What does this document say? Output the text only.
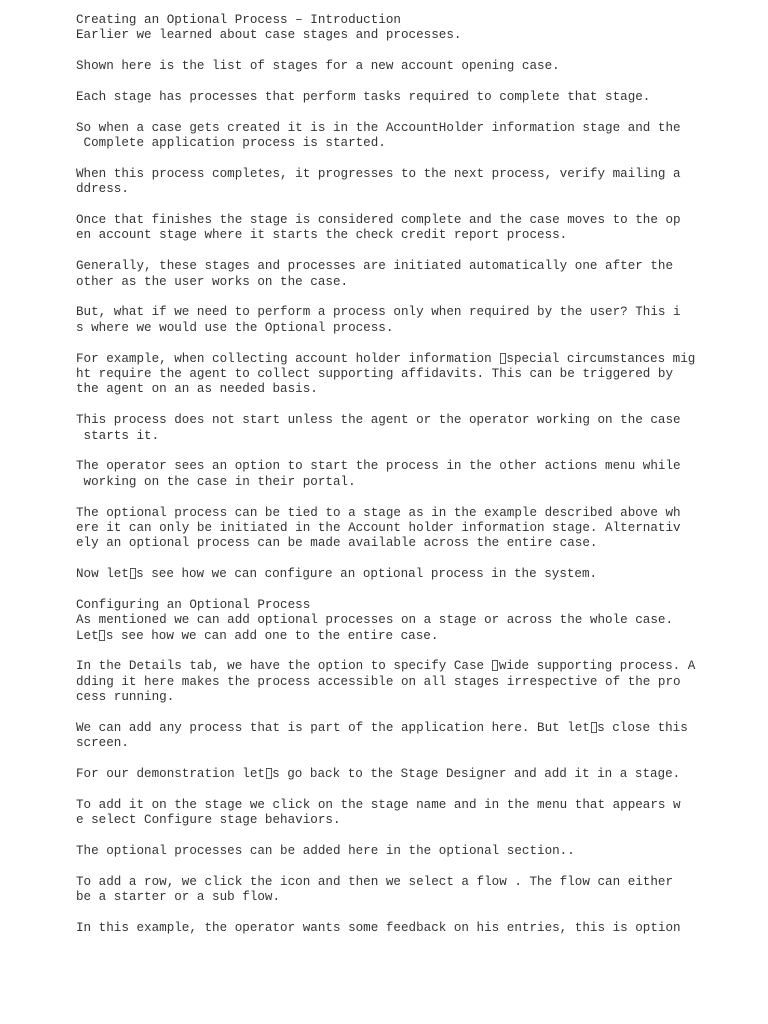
Creating an Optional Process – Introduction
Earlier we learned about case stages and processes.
Shown here is the list of stages for a new account opening case.
Each stage has processes that perform tasks required to complete that stage.
So when a case gets created it is in the AccountHolder information stage and the
Complete application process is started.
When this process completes, it progresses to the next process, verify mailing a
ddress.
Once that finishes the stage is considered complete and the case moves to the op
en account stage where it starts the check credit report process.
Generally, these stages and processes are initiated automatically one after the
other as the user works on the case.
But, what if we need to perform a process only when required by the user? This i
s where we would use the Optional process.
For example, when collecting account holder information special circumstances mig
ht require the agent to collect supporting affidavits. This can be triggered by
the agent on an as needed basis.
This process does not start unless the agent or the operator working on the case
starts it.
The operator sees an option to start the process in the other actions menu while
working on the case in their portal.
The optional process can be tied to a stage as in the example described above wh
ere it can only be initiated in the Account holder information stage. Alternativ
ely an optional process can be made available across the entire case.
Now let s see how we can configure an optional process in the system.
Configuring an Optional Process
As mentioned we can add optional processes on a stage or across the whole case.
Let s see how we can add one to the entire case.
In the Details tab, we have the option to specify Case wide supporting process. A
dding it here makes the process accessible on all stages irrespective of the pro
cess running.
We can add any process that is part of the application here. But let s close this
screen.
For our demonstration let s go back to the Stage Designer and add it in a stage.
To add it on the stage we click on the stage name and in the menu that appears w
e select Configure stage behaviors.
The optional processes can be added here in the optional section..
To add a row, we click the icon and then we select a flow . The flow can either
be a starter or a sub flow.
In this example, the operator wants some feedback on his entries, this is option
